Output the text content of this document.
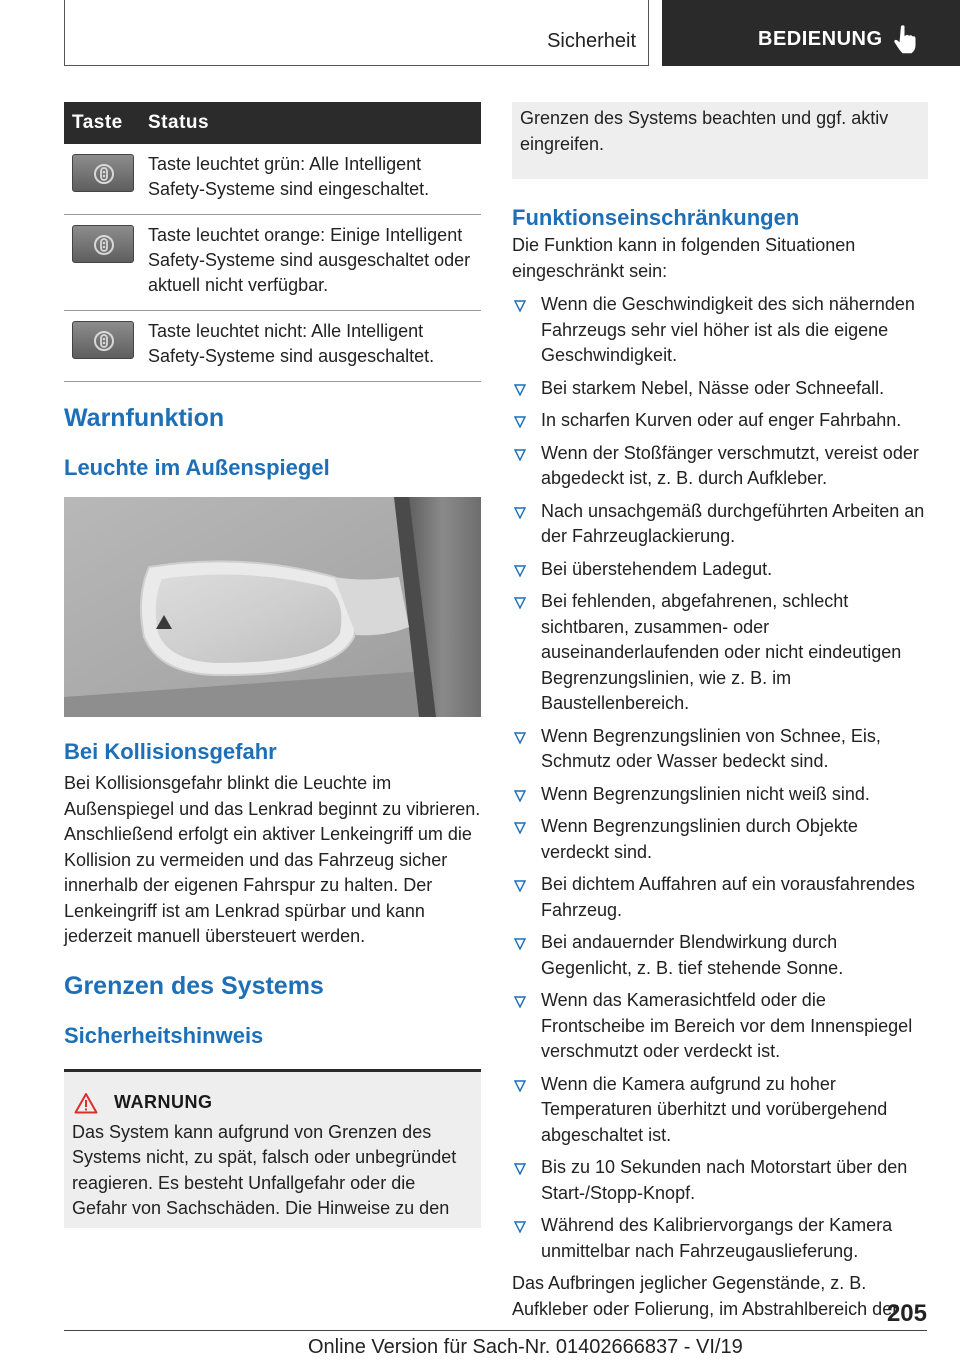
Sicherheit	BEDIENUNG
Taste	Status

	Taste leuchtet grün: Alle Intelligent Safety-Systeme sind eingeschaltet.

	Taste leuchtet orange: Einige Intelligent Safety-Systeme sind ausgeschaltet oder aktuell nicht verfügbar.

	Taste leuchtet nicht: Alle Intelligent Safety-Systeme sind ausgeschaltet.
Warnfunktion
Leuchte im Außenspiegel
Bei Kollisionsgefahr

Bei Kollisionsgefahr blinkt die Leuchte im Außenspiegel und das Lenkrad beginnt zu vibrieren. Anschließend erfolgt ein aktiver Lenkeingriff um die Kollision zu vermeiden und das Fahrzeug sicher innerhalb der eigenen Fahrspur zu halten. Der Lenkeingriff ist am Lenkrad spürbar und kann jederzeit manuell übersteuert werden.

Grenzen des Systems
Sicherheitshinweis
WARNUNG

Das System kann aufgrund von Grenzen des Systems nicht, zu spät, falsch oder unbegründet reagieren. Es besteht Unfallgefahr oder die Gefahr von Sachschäden. Die Hinweise zu den

Grenzen des Systems beachten und ggf. aktiv eingreifen.
Funktionseinschränkungen

Die Funktion kann in folgenden Situationen eingeschränkt sein:

Wenn die Geschwindigkeit des sich nähernden Fahrzeugs sehr viel höher ist als die eigene Geschwindigkeit.
Bei starkem Nebel, Nässe oder Schneefall.
In scharfen Kurven oder auf enger Fahrbahn.
Wenn der Stoßfänger verschmutzt, vereist oder abgedeckt ist, z. B. durch Aufkleber.
Nach unsachgemäß durchgeführten Arbeiten an der Fahrzeuglackierung.
Bei überstehendem Ladegut.
Bei fehlenden, abgefahrenen, schlecht sichtbaren, zusammen- oder auseinanderlaufenden oder nicht eindeutigen Begrenzungslinien, wie z. B. im Baustellenbereich.
Wenn Begrenzungslinien von Schnee, Eis, Schmutz oder Wasser bedeckt sind.
Wenn Begrenzungslinien nicht weiß sind.
Wenn Begrenzungslinien durch Objekte verdeckt sind.
Bei dichtem Auffahren auf ein vorausfahrendes Fahrzeug.
Bei andauernder Blendwirkung durch Gegenlicht, z. B. tief stehende Sonne.
Wenn das Kamerasichtfeld oder die Frontscheibe im Bereich vor dem Innenspiegel verschmutzt oder verdeckt ist.
Wenn die Kamera aufgrund zu hoher Temperaturen überhitzt und vorübergehend abgeschaltet ist.
Bis zu 10 Sekunden nach Motorstart über den Start-/Stopp-Knopf.
Während des Kalibriervorgangs der Kamera unmittelbar nach Fahrzeugauslieferung.

Das Aufbringen jeglicher Gegenstände, z. B. Aufkleber oder Folierung, im Abstrahlbereich der

205
Online Version für Sach-Nr. 01402666837 - VI/19
